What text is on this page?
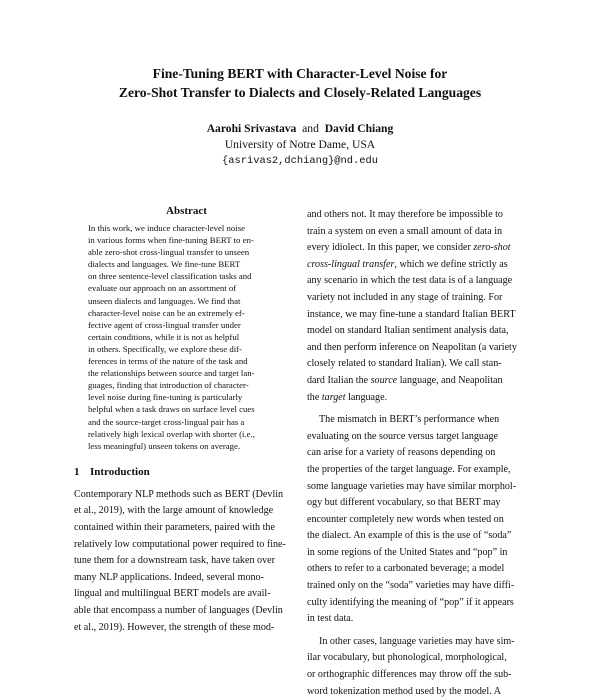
Fine-Tuning BERT with Character-Level Noise for
Zero-Shot Transfer to Dialects and Closely-Related Languages
Aarohi Srivastava and David Chiang
University of Notre Dame, USA
{asrivas2,dchiang}@nd.edu
Abstract
In this work, we induce character-level noise
in various forms when fine-tuning BERT to en-
able zero-shot cross-lingual transfer to unseen
dialects and languages. We fine-tune BERT
on three sentence-level classification tasks and
evaluate our approach on an assortment of
unseen dialects and languages. We find that
character-level noise can be an extremely ef-
fective agent of cross-lingual transfer under
certain conditions, while it is not as helpful
in others. Specifically, we explore these dif-
ferences in terms of the nature of the task and
the relationships between source and target lan-
guages, finding that introduction of character-
level noise during fine-tuning is particularly
helpful when a task draws on surface level cues
and the source-target cross-lingual pair has a
relatively high lexical overlap with shorter (i.e.,
less meaningful) unseen tokens on average.
1 Introduction
Contemporary NLP methods such as BERT (Devlin
et al., 2019), with the large amount of knowledge
contained within their parameters, paired with the
relatively low computational power required to fine-
tune them for a downstream task, have taken over
many NLP applications. Indeed, several mono-
lingual and multilingual BERT models are avail-
able that encompass a number of languages (Devlin
et al., 2019). However, the strength of these mod-
and others not. It may therefore be impossible to
train a system on even a small amount of data in
every idiolect. In this paper, we consider zero-shot
cross-lingual transfer, which we define strictly as
any scenario in which the test data is of a language
variety not included in any stage of training. For
instance, we may fine-tune a standard Italian BERT
model on standard Italian sentiment analysis data,
and then perform inference on Neapolitan (a variety
closely related to standard Italian). We call stan-
dard Italian the source language, and Neapolitan
the target language.
The mismatch in BERT’s performance when
evaluating on the source versus target language
can arise for a variety of reasons depending on
the properties of the target language. For example,
some language varieties may have similar morphol-
ogy but different vocabulary, so that BERT may
encounter completely new words when tested on
the dialect. An example of this is the use of “soda”
in some regions of the United States and “pop” in
others to refer to a carbonated beverage; a model
trained only on the “soda” varieties may have diffi-
culty identifying the meaning of “pop” if it appears
in test data.
In other cases, language varieties may have sim-
ilar vocabulary, but phonological, morphological,
or orthographic differences may throw off the sub-
word tokenization method used by the model. A
